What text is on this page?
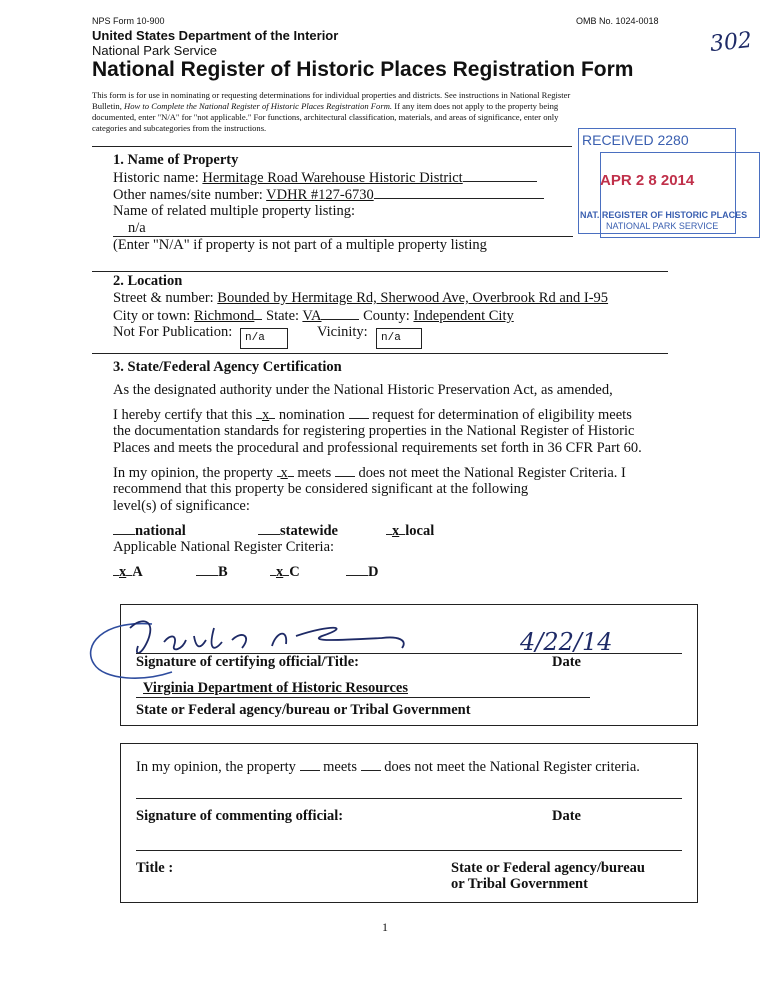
NPS Form 10-900	OMB No. 1024-0018
302
United States Department of the Interior
National Park Service
National Register of Historic Places Registration Form
This form is for use in nominating or requesting determinations for individual properties and districts. See instructions in National Register
Bulletin, How to Complete the National Register of Historic Places Registration Form. If any item does not apply to the property being
documented, enter "N/A" for "not applicable." For functions, architectural classification, materials, and areas of significance, enter only
categories and subcategories from the instructions.
RECEIVED 2280
APR 2 8 2014
NAT. REGISTER OF HISTORIC PLACES
NATIONAL PARK SERVICE
1. Name of Property
Historic name: Hermitage Road Warehouse Historic District
Other names/site number: VDHR #127-6730
Name of related multiple property listing:
n/a
(Enter "N/A" if property is not part of a multiple property listing
2. Location
Street & number: Bounded by Hermitage Rd, Sherwood Ave, Overbrook Rd and I-95
City or town: Richmond State: VA	County: Independent City
Not For Publication:	n/a	Vicinity:	n/a
3. State/Federal Agency Certification
As the designated authority under the National Historic Preservation Act, as amended,
I hereby certify that this x nomination  request for determination of eligibility meets
the documentation standards for registering properties in the National Register of Historic
Places and meets the procedural and professional requirements set forth in 36 CFR Part 60.
In my opinion, the property x meets  does not meet the National Register Criteria. I
recommend that this property be considered significant at the following
level(s) of significance:
national	statewide	x local
Applicable National Register Criteria:
x A	B	x C	D
4/22/14
Signature of certifying official/Title:	Date
Virginia Department of Historic Resources
State or Federal agency/bureau or Tribal Government
In my opinion, the property  meets  does not meet the National Register criteria.
Signature of commenting official:	Date
Title :	State or Federal agency/bureau
or Tribal Government
1
